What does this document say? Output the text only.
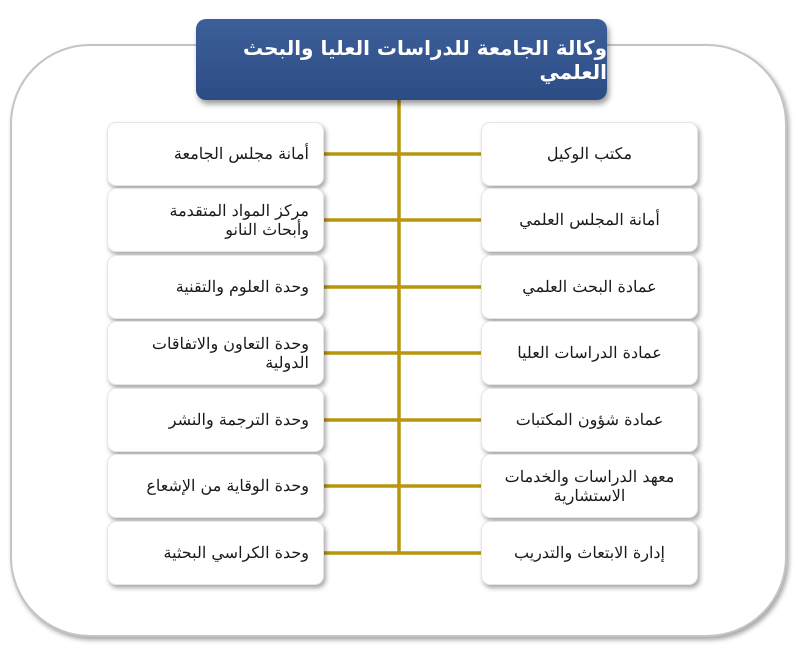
وكالة الجامعة للدراسات العليا والبحث العلمي
مكتب الوكيل
أمانة المجلس العلمي
عمادة البحث العلمي
عمادة الدراسات العليا
عمادة شؤون المكتبات
معهد الدراسات والخدمات الاستشارية
إدارة الابتعاث والتدريب
أمانة مجلس الجامعة
مركز المواد المتقدمة وأبحاث النانو
وحدة العلوم والتقنية
وحدة التعاون والاتفاقات الدولية
وحدة الترجمة والنشر
وحدة الوقاية من الإشعاع
وحدة الكراسي البحثية
